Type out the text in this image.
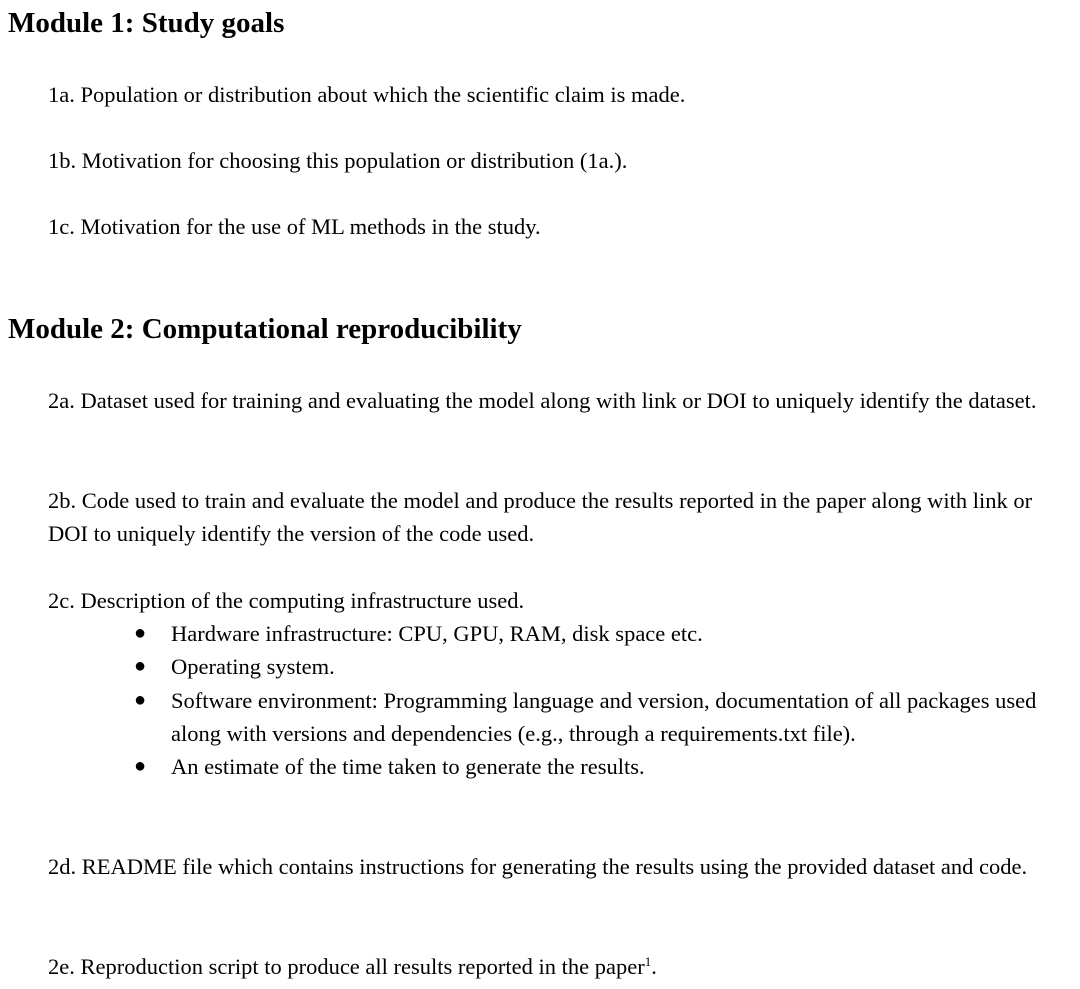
Module 1: Study goals

1a. Population or distribution about which the scientific claim is made.

1b. Motivation for choosing this population or distribution (1a.).

1c. Motivation for the use of ML methods in the study.

Module 2: Computational reproducibility

2a. Dataset used for training and evaluating the model along with link or DOI to uniquely identify the dataset.

2b. Code used to train and evaluate the model and produce the results reported in the paper along with link or DOI to uniquely identify the version of the code used.

2c. Description of the computing infrastructure used.

● Hardware infrastructure: CPU, GPU, RAM, disk space etc.
● Operating system.
● Software environment: Programming language and version, documentation of all packages used along with versions and dependencies (e.g., through a requirements.txt file).
● An estimate of the time taken to generate the results.

2d. README file which contains instructions for generating the results using the provided dataset and code.

2e. Reproduction script to produce all results reported in the paper$^1$.
